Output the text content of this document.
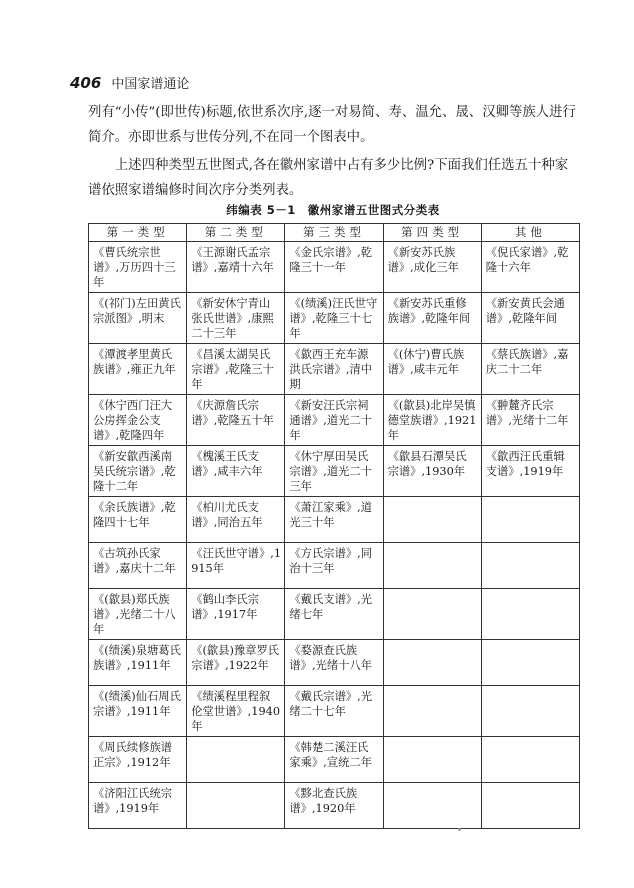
406 中国家谱通论

列有“小传”(即世传)标题,依世系次序,逐一对易简、寿、温允、晟、汉卿等族人进行简介。亦即世系与世传分列,不在同一个图表中。

上述四种类型五世图式,各在徽州家谱中占有多少比例?下面我们任选五十种家谱依照家谱编修时间次序分类列表。

纬编表 5－1　徽州家谱五世图式分类表
第一类型	第二类型	第三类型	第四类型	其他
《曹氏统宗世谱》,万历四十三年	《王源谢氏孟宗谱》,嘉靖十六年	《金氏宗谱》,乾隆三十一年	《新安苏氏族谱》,成化三年	《倪氏家谱》,乾隆十六年
《(祁门)左田黄氏宗派图》,明末	《新安休宁青山张氏世谱》,康熙二十三年	《(绩溪)汪氏世守谱》,乾隆三十七年	《新安苏氏重修族谱》,乾隆年间	《新安黄氏会通谱》,乾隆年间
《潭渡孝里黄氏族谱》,雍正九年	《昌溪太湖吴氏宗谱》,乾隆三十年	《歙西王充车源洪氏宗谱》,清中期	《(休宁)曹氏族谱》,咸丰元年	《蔡氏族谱》,嘉庆二十二年
《休宁西门汪大公房挥金公支谱》,乾隆四年	《庆源詹氏宗谱》,乾隆五十年	《新安汪氏宗祠通谱》,道光二十年	《(歙县)北岸吴慎德堂族谱》,1921年	《翀麓齐氏宗谱》,光绪十二年
《新安歙西溪南吴氏统宗谱》,乾隆十二年	《槐溪王氏支谱》,咸丰六年	《休宁厚田吴氏宗谱》,道光二十三年	《歙县石潭吴氏宗谱》,1930年	《歙西汪氏重辑支谱》,1919年
《余氏族谱》,乾隆四十七年	《柏川尤氏支谱》,同治五年	《萧江家乘》,道光三十年		
《古筑孙氏家谱》,嘉庆十二年	《汪氏世守谱》,1915年	《方氏宗谱》,同治十三年		
《(歙县)郑氏族谱》,光绪二十八年	《鹤山李氏宗谱》,1917年	《戴氏支谱》,光绪七年		
《(绩溪)泉塘葛氏族谱》,1911年	《(歙县)豫章罗氏宗谱》,1922年	《婺源查氏族谱》,光绪十八年		
《(绩溪)仙石周氏宗谱》,1911年	《绩溪程里程叙伦堂世谱》,1940年	《戴氏宗谱》,光绪二十七年		
《周氏续修族谱正宗》,1912年		《韩楚二溪汪氏家乘》,宣统二年		
《济阳江氏统宗谱》,1919年		《黟北查氏族谱》,1920年		
